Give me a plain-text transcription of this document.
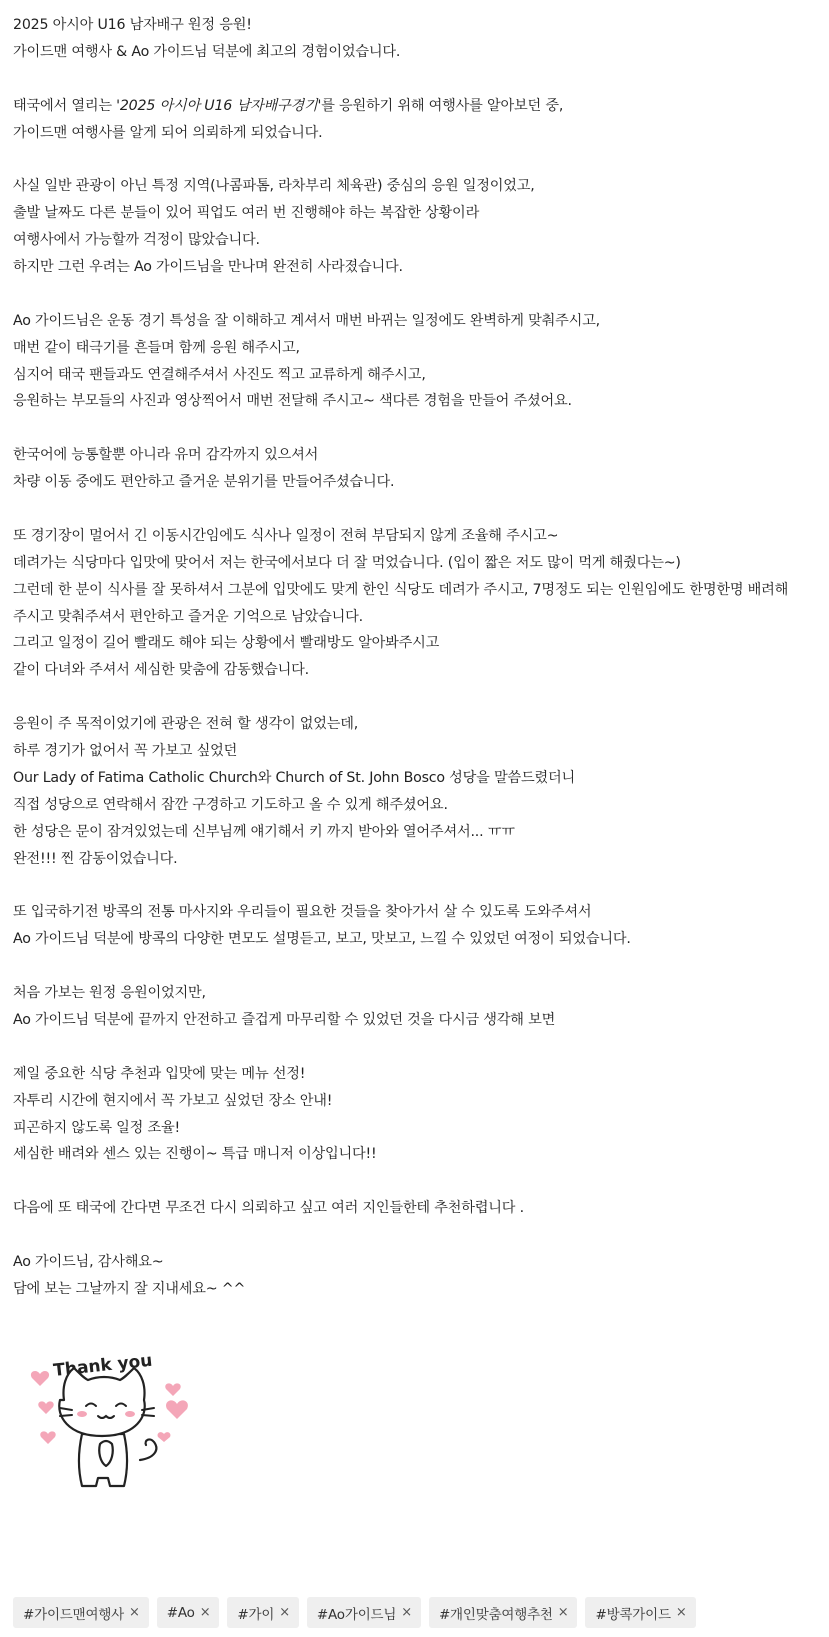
2025 아시아 U16 남자배구 원정 응원!
가이드맨 여행사 & Ao 가이드님 덕분에 최고의 경험이었습니다.
태국에서 열리는 '2025 아시아 U16 남자배구경기'를 응원하기 위해 여행사를 알아보던 중,
가이드맨 여행사를 알게 되어 의뢰하게 되었습니다.
사실 일반 관광이 아닌 특정 지역(나콤파톰, 라차부리 체육관) 중심의 응원 일정이었고,
출발 날짜도 다른 분들이 있어 픽업도 여러 번 진행해야 하는 복잡한 상황이라
여행사에서 가능할까 걱정이 많았습니다.
하지만 그런 우려는 Ao 가이드님을 만나며 완전히 사라졌습니다.
Ao 가이드님은 운동 경기 특성을 잘 이해하고 계셔서 매번 바뀌는 일정에도 완벽하게 맞춰주시고,
매번 같이 태극기를 흔들며 함께 응원 해주시고,
심지어 태국 팬들과도 연결해주셔서 사진도 찍고 교류하게 해주시고,
응원하는 부모들의 사진과 영상찍어서 매번 전달해 주시고~ 색다른 경험을 만들어 주셨어요.
한국어에 능통할뿐 아니라 유머 감각까지 있으셔서
차량 이동 중에도 편안하고 즐거운 분위기를 만들어주셨습니다.
또 경기장이 멀어서 긴 이동시간임에도 식사나 일정이 전혀 부담되지 않게 조율해 주시고~
데려가는 식당마다 입맛에 맞어서 저는 한국에서보다 더 잘 먹었습니다. (입이 짧은 저도 많이 먹게 해줬다는~)
그런데 한 분이 식사를 잘 못하셔서 그분에 입맛에도 맞게 한인 식당도 데려가 주시고, 7명정도 되는 인원임에도 한명한명 배려해
주시고 맞춰주셔서 편안하고 즐거운 기억으로 남았습니다.
그리고 일정이 길어 빨래도 해야 되는 상황에서 빨래방도 알아봐주시고
같이 다녀와 주셔서 세심한 맞춤에 감동했습니다.
응원이 주 목적이었기에 관광은 전혀 할 생각이 없었는데,
하루 경기가 없어서 꼭 가보고 싶었던
Our Lady of Fatima Catholic Church와 Church of St. John Bosco 성당을 말씀드렸더니
직접 성당으로 연락해서 잠깐 구경하고 기도하고 올 수 있게 해주셨어요.
한 성당은 문이 잠겨있었는데 신부님께 얘기해서 키 까지 받아와 열어주셔서... ㅠㅠ
완전!!! 찐 감동이었습니다.
또 입국하기전 방콕의 전통 마사지와 우리들이 필요한 것들을 찾아가서 살 수 있도록 도와주셔서
Ao 가이드님 덕분에 방콕의 다양한 면모도 설명듣고, 보고, 맛보고, 느낄 수 있었던 여정이 되었습니다.
처음 가보는 원정 응원이었지만,
Ao 가이드님 덕분에 끝까지 안전하고 즐겁게 마무리할 수 있었던 것을 다시금 생각해 보면
제일 중요한 식당 추천과 입맛에 맞는 메뉴 선정!
자투리 시간에 현지에서 꼭 가보고 싶었던 장소 안내!
피곤하지 않도록 일정 조율!
세심한 배려와 센스 있는 진행이~ 특급 매니저 이상입니다!!
다음에 또 태국에 간다면 무조건 다시 의뢰하고 싶고 여러 지인들한테 추천하렵니다 .
Ao 가이드님, 감사해요~
담에 보는 그날까지 잘 지내세요~ ^^
Thank you
#가이드맨여행사 × #Ao × #가이 × #Ao가이드님 × #개인맞춤여행추천 × #방콕가이드 ×
